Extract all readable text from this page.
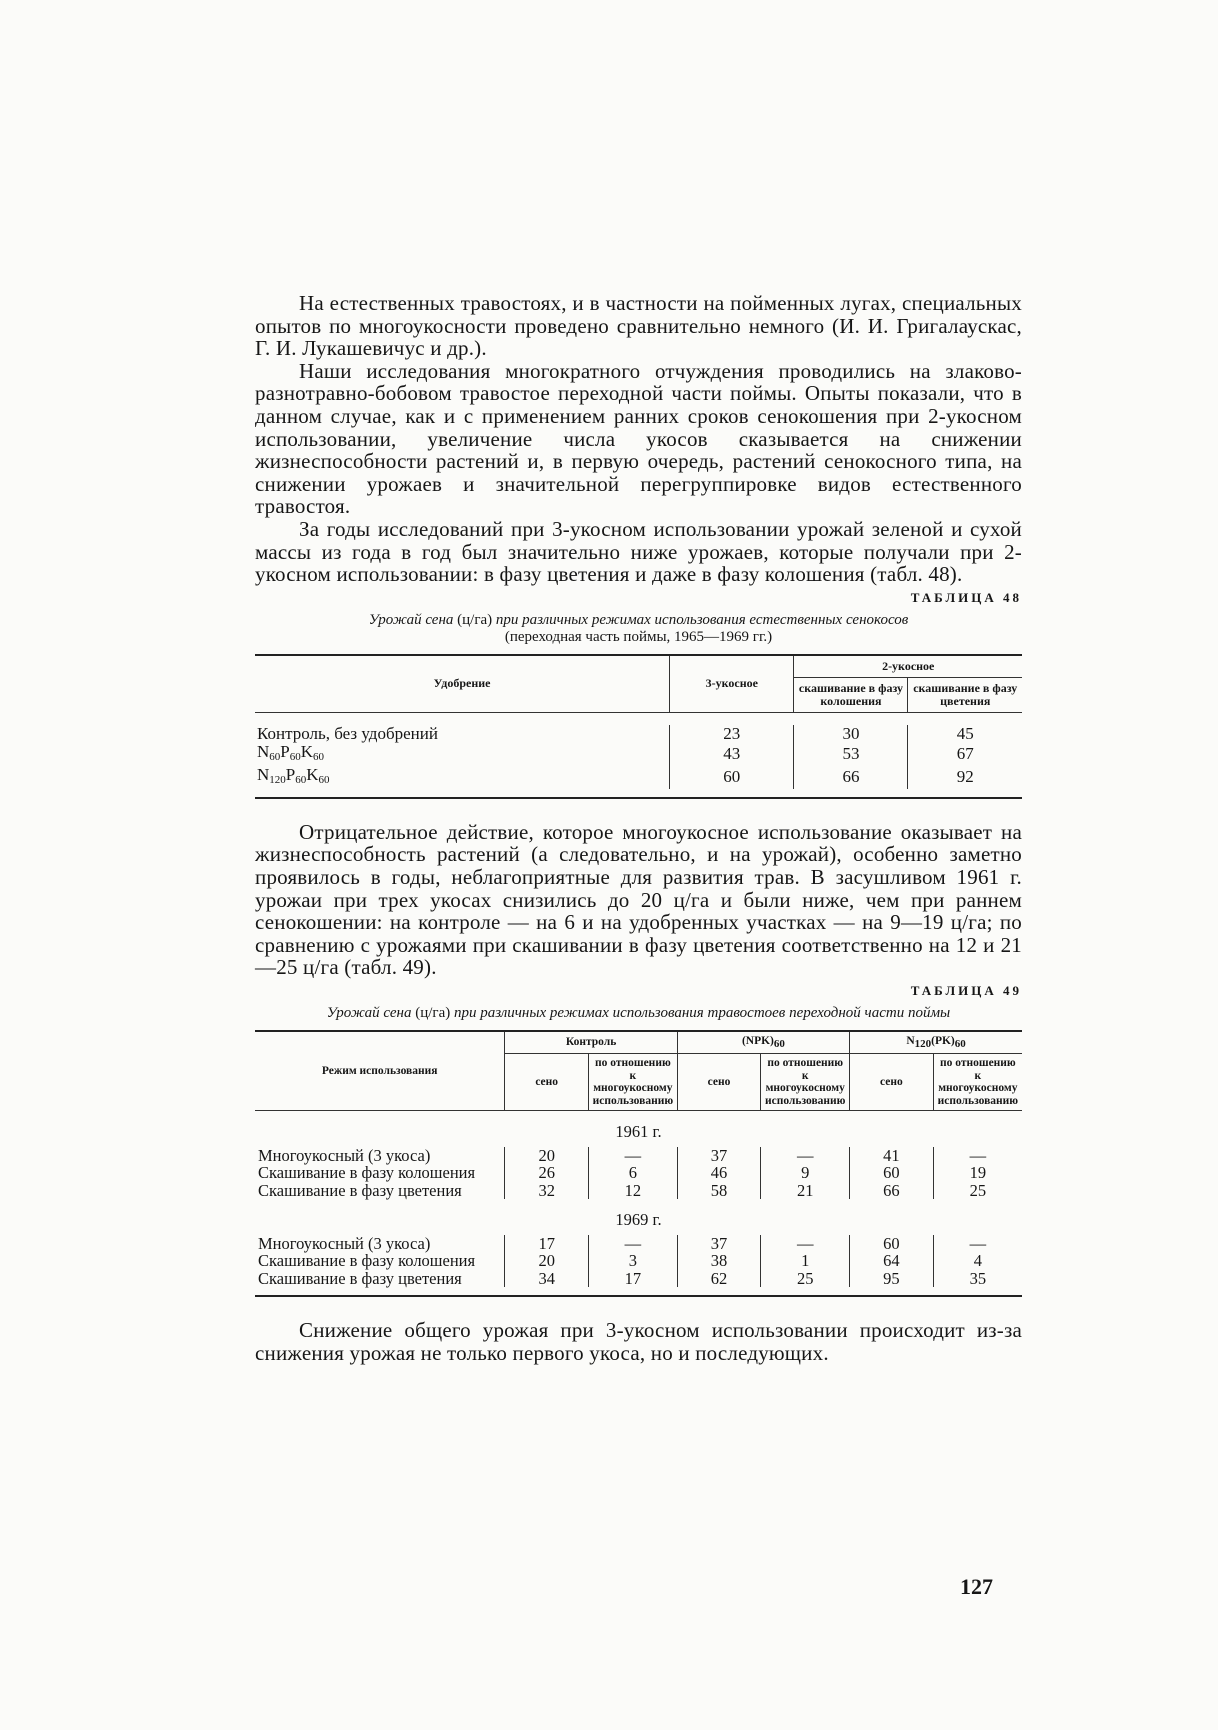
На естественных травостоях, и в частности на пойменных лугах, специальных опытов по многоукосности проведено сравнительно немного (И. И. Григалаускас, Г. И. Лукашевичус и др.).

Наши исследования многократного отчуждения проводились на злаково-разнотравно-бобовом травостое переходной части поймы. Опыты показали, что в данном случае, как и с применением ранних сроков сенокошения при 2-укосном использовании, увеличение числа укосов сказывается на снижении жизнеспособности растений и, в первую очередь, растений сенокосного типа, на снижении урожаев и значительной перегруппировке видов естественного травостоя.

За годы исследований при 3-укосном использовании урожай зеленой и сухой массы из года в год был значительно ниже урожаев, которые получали при 2-укосном использовании: в фазу цветения и даже в фазу колошения (табл. 48).

ТАБЛИЦА 48
Урожай сена (ц/га) при различных режимах использования естественных сенокосов
(переходная часть поймы, 1965—1969 гг.)
Удобрение	3-укосное	2-укосное	
		скашивание в фазу колошения	скашивание в фазу цветения

Контроль, без удобрений	23	30	45
$N_{60}P_{60}K_{60}$	43	53	67
$N_{120}P_{60}K_{60}$	60	66	92

Отрицательное действие, которое многоукосное использование оказывает на жизнеспособность растений (а следовательно, и на урожай), особенно заметно проявилось в годы, неблагоприятные для развития трав. В засушливом 1961 г. урожаи при трех укосах снизились до 20 ц/га и были ниже, чем при раннем сенокошении: на контроле — на 6 и на удобренных участках — на 9—19 ц/га; по сравнению с урожаями при скашивании в фазу цветения соответственно на 12 и 21—25 ц/га (табл. 49).

ТАБЛИЦА 49
Урожай сена (ц/га) при различных режимах использования травостоев переходной части поймы
Режим использования	Контроль		(NPK)60		N120(PK)60	
	сено	по отношению к многоукосному использованию	сено	по отношению к многоукосному использованию	сено	по отношению к многоукосному использованию
1961 г.						
Многоукосный (3 укоса)	20	—	37	—	41	—
Скашивание в фазу колошения	26	6	46	9	60	19
Скашивание в фазу цветения	32	12	58	21	66	25
1969 г.						
Многоукосный (3 укоса)	17	—	37	—	60	—
Скашивание в фазу колошения	20	3	38	1	64	4
Скашивание в фазу цветения	34	17	62	25	95	35

Снижение общего урожая при 3-укосном использовании происходит из-за снижения урожая не только первого укоса, но и последующих.

127
